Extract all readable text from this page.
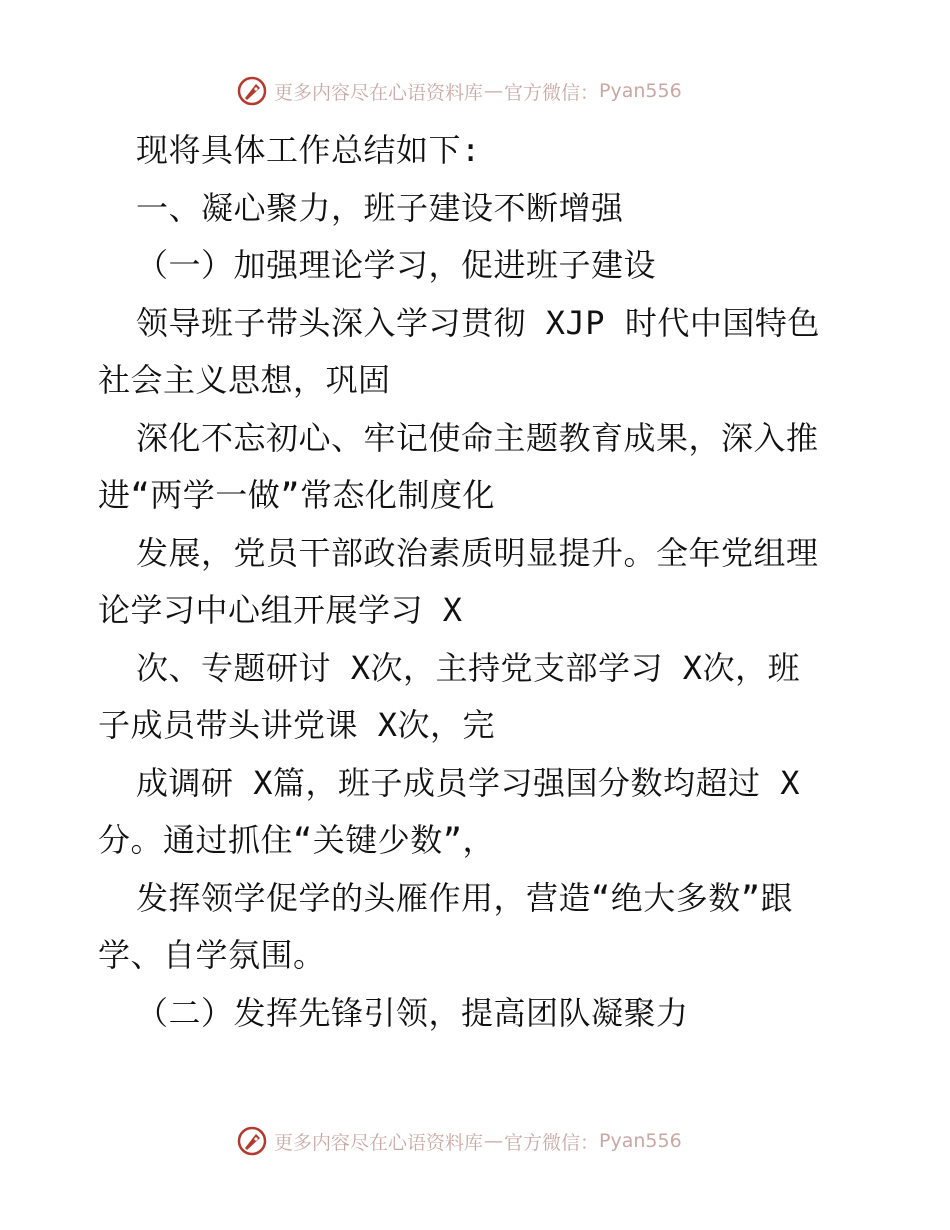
更多内容尽在心语资料库 — 官方微信： Pyan556

现将具体工作总结如下:

一、凝心聚力，班子建设不断增强

（一）加强理论学习，促进班子建设

领导班子带头深入学习贯彻 XJP 时代中国特色

社会主义思想，巩固

深化不忘初心、牢记使命主题教育成果，深入推

进“两学一做”常态化制度化

发展，党员干部政治素质明显提升。全年党组理

论学习中心组开展学习 X

次、专题研讨 X次，主持党支部学习 X次，班

子成员带头讲党课 X次，完

成调研 X篇，班子成员学习强国分数均超过 X

分。通过抓住“关键少数”，

发挥领学促学的头雁作用，营造“绝大多数”跟

学、自学氛围。

（二）发挥先锋引领，提高团队凝聚力

更多内容尽在心语资料库 — 官方微信： Pyan556
